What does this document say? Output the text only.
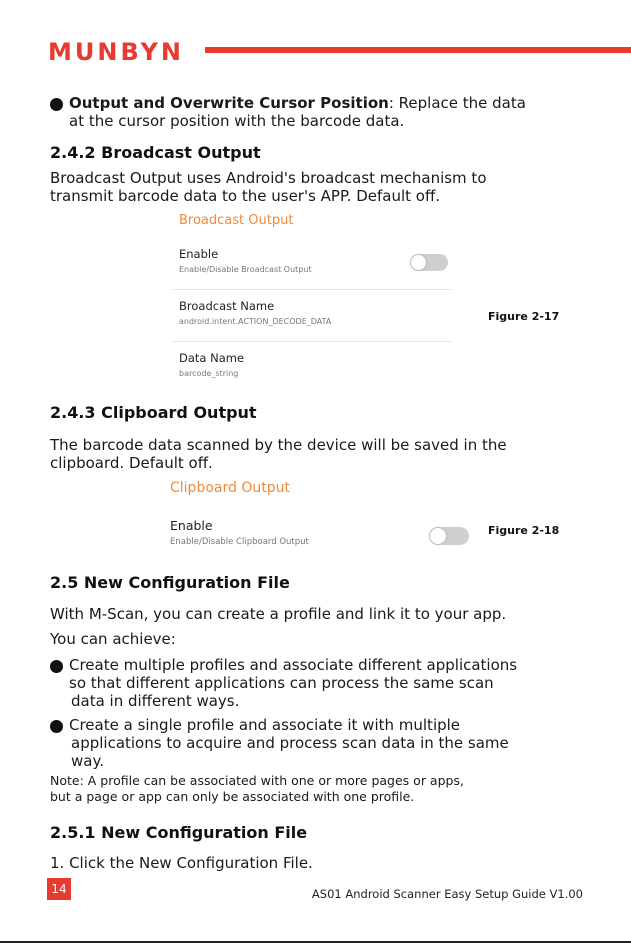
MUNBYN
Output and Overwrite Cursor Position: Replace the data
at the cursor position with the barcode data.
2.4.2 Broadcast Output
Broadcast Output uses Android's broadcast mechanism to
transmit barcode data to the user's APP. Default off.
Broadcast Output
Enable
Enable/Disable Broadcast Output
Broadcast Name
android.intent.ACTION_DECODE_DATA
Data Name
barcode_string
Figure 2-17
2.4.3 Clipboard Output
The barcode data scanned by the device will be saved in the
clipboard. Default off.
Clipboard Output
Enable
Enable/Disable Clipboard Output
Figure 2-18
2.5 New Configuration File
With M-Scan, you can create a profile and link it to your app.
You can achieve:
Create multiple profiles and associate different applications
so that different applications can process the same scan
data in different ways.
Create a single profile and associate it with multiple
applications to acquire and process scan data in the same
way.
Note: A profile can be associated with one or more pages or apps,
but a page or app can only be associated with one profile.
2.5.1 New Configuration File
1. Click the New Configuration File.
14	AS01 Android Scanner Easy Setup Guide V1.00
